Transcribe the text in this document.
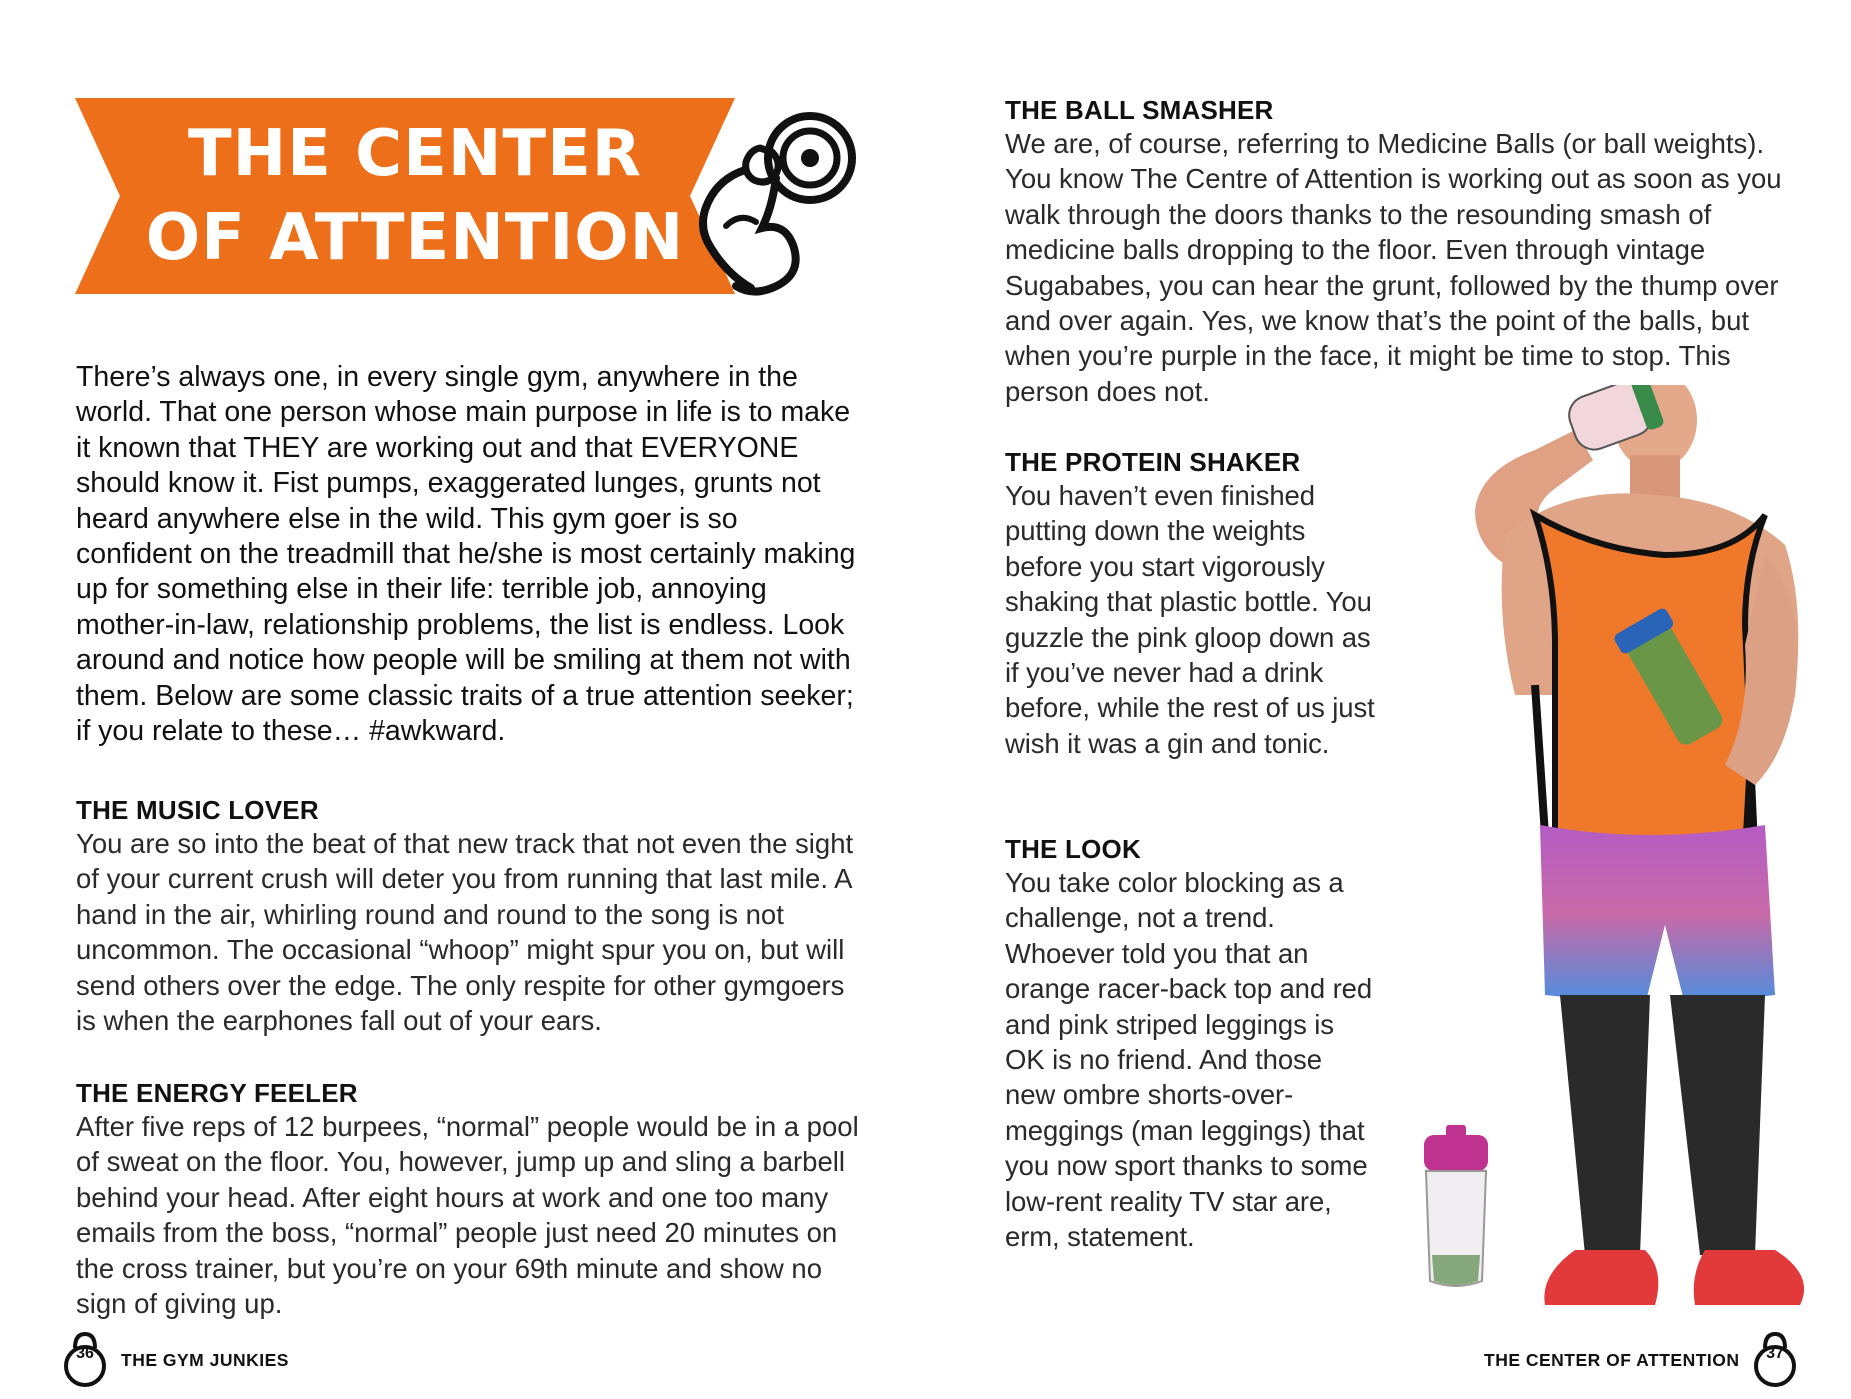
THE CENTER
OF ATTENTION

There’s always one, in every single gym, anywhere in the world. That one person whose main purpose in life is to make it known that THEY are working out and that EVERYONE should know it. Fist pumps, exaggerated lunges, grunts not heard anywhere else in the wild. This gym goer is so confident on the treadmill that he/she is most certainly making up for something else in their life: terrible job, annoying mother-in-law, relationship problems, the list is endless. Look around and notice how people will be smiling at them not with them. Below are some classic traits of a true attention seeker; if you relate to these… #awkward.

THE MUSIC LOVER

You are so into the beat of that new track that not even the sight of your current crush will deter you from running that last mile. A hand in the air, whirling round and round to the song is not uncommon. The occasional “whoop” might spur you on, but will send others over the edge. The only respite for other gymgoers is when the earphones fall out of your ears.

THE ENERGY FEELER

After five reps of 12 burpees, “normal” people would be in a pool of sweat on the floor. You, however, jump up and sling a barbell behind your head. After eight hours at work and one too many emails from the boss, “normal” people just need 20 minutes on the cross trainer, but you’re on your 69th minute and show no sign of giving up.

36	THE GYM JUNKIES
THE BALL SMASHER

We are, of course, referring to Medicine Balls (or ball weights). You know The Centre of Attention is working out as soon as you walk through the doors thanks to the resounding smash of medicine balls dropping to the floor. Even through vintage Sugababes, you can hear the grunt, followed by the thump over and over again. Yes, we know that’s the point of the balls, but when you’re purple in the face, it might be time to stop. This person does not.

THE PROTEIN SHAKER

You haven’t even finished putting down the weights before you start vigorously shaking that plastic bottle. You guzzle the pink gloop down as if you’ve never had a drink before, while the rest of us just wish it was a gin and tonic.

THE LOOK

You take color blocking as a challenge, not a trend. Whoever told you that an orange racer-back top and red and pink striped leggings is OK is no friend. And those new ombre shorts-over-meggings (man leggings) that you now sport thanks to some low-rent reality TV star are, erm, statement.

THE CENTER OF ATTENTION	37
